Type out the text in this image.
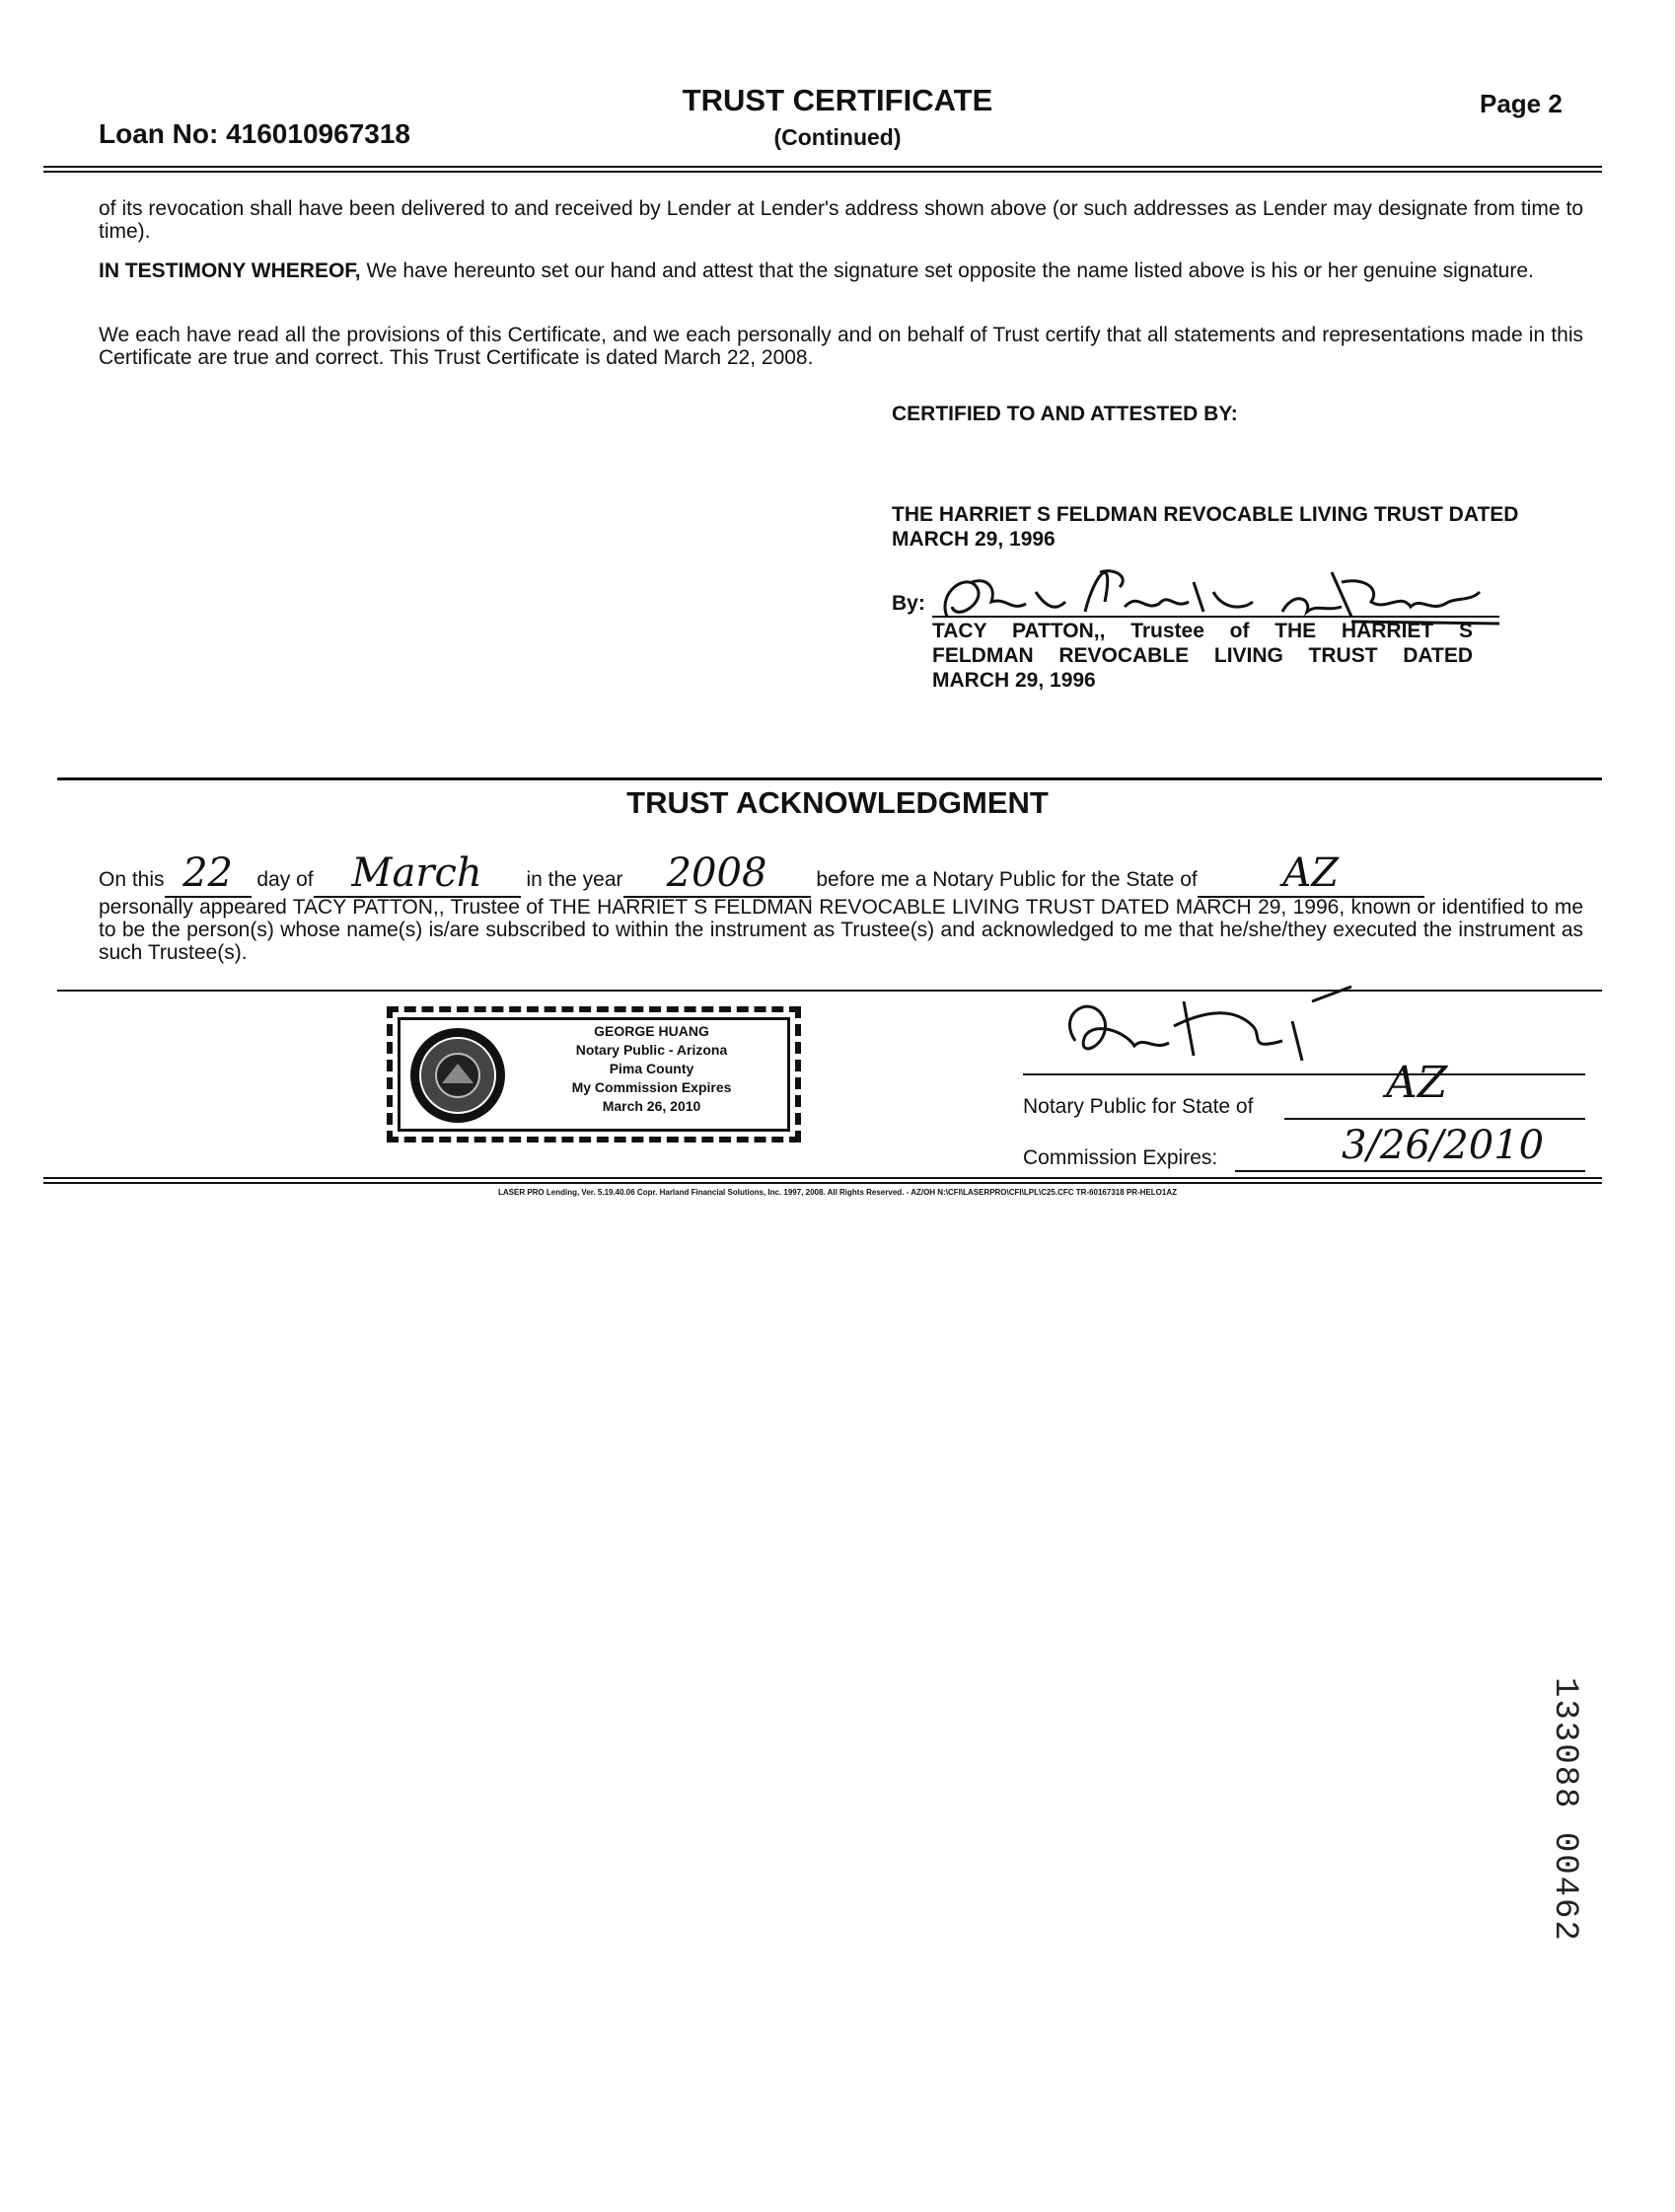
Loan No: 416010967318
TRUST CERTIFICATE
(Continued)
Page 2
of its revocation shall have been delivered to and received by Lender at Lender's address shown above (or such addresses as Lender may designate from time to time).
IN TESTIMONY WHEREOF, We have hereunto set our hand and attest that the signature set opposite the name listed above is his or her genuine signature.
We each have read all the provisions of this Certificate, and we each personally and on behalf of Trust certify that all statements and representations made in this Certificate are true and correct. This Trust Certificate is dated March 22, 2008.
CERTIFIED TO AND ATTESTED BY:
THE HARRIET S FELDMAN REVOCABLE LIVING TRUST DATED
MARCH 29, 1996
By:
TACY PATTON,, Trustee of THE HARRIET S
FELDMAN REVOCABLE LIVING TRUST DATED
MARCH 29, 1996
TRUST ACKNOWLEDGMENT
On this 22 day of March in the year 2008 before me a Notary Public for the State of AZ
personally appeared TACY PATTON,, Trustee of THE HARRIET S FELDMAN REVOCABLE LIVING TRUST DATED MARCH 29, 1996, known or identified to me to be the person(s) whose name(s) is/are subscribed to within the instrument as Trustee(s) and acknowledged to me that he/she/they executed the instrument as such Trustee(s).
GEORGE HUANG
Notary Public - Arizona
Pima County
My Commission Expires
March 26, 2010	Notary Public for State of	AZ
Commission Expires:	3/26/2010
LASER PRO Lending, Ver. 5.19.40.06 Copr. Harland Financial Solutions, Inc. 1997, 2008. All Rights Reserved. - AZ/OH N:\CFI\LASERPRO\CFI\LPL\C25.CFC TR-60167318 PR-HELO1AZ
133088 00462
